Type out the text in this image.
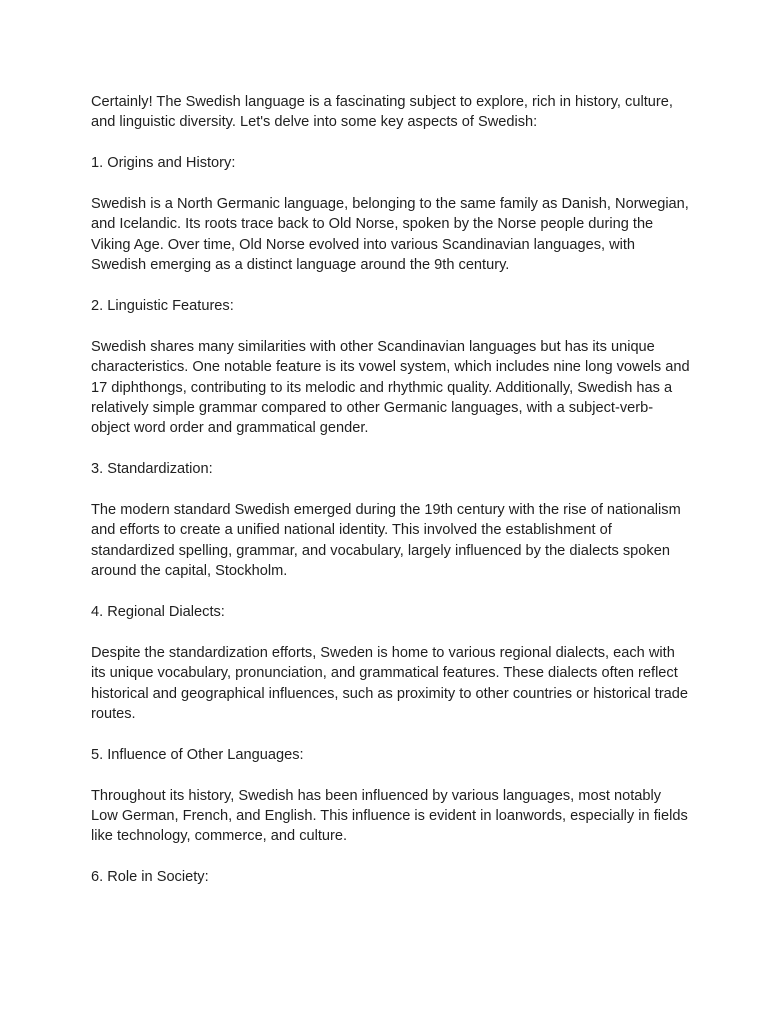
Certainly! The Swedish language is a fascinating subject to explore, rich in history, culture, and linguistic diversity. Let's delve into some key aspects of Swedish:

1. Origins and History:

Swedish is a North Germanic language, belonging to the same family as Danish, Norwegian, and Icelandic. Its roots trace back to Old Norse, spoken by the Norse people during the Viking Age. Over time, Old Norse evolved into various Scandinavian languages, with Swedish emerging as a distinct language around the 9th century.

2. Linguistic Features:

Swedish shares many similarities with other Scandinavian languages but has its unique characteristics. One notable feature is its vowel system, which includes nine long vowels and 17 diphthongs, contributing to its melodic and rhythmic quality. Additionally, Swedish has a relatively simple grammar compared to other Germanic languages, with a subject-verb-object word order and grammatical gender.

3. Standardization:

The modern standard Swedish emerged during the 19th century with the rise of nationalism and efforts to create a unified national identity. This involved the establishment of standardized spelling, grammar, and vocabulary, largely influenced by the dialects spoken around the capital, Stockholm.

4. Regional Dialects:

Despite the standardization efforts, Sweden is home to various regional dialects, each with its unique vocabulary, pronunciation, and grammatical features. These dialects often reflect historical and geographical influences, such as proximity to other countries or historical trade routes.

5. Influence of Other Languages:

Throughout its history, Swedish has been influenced by various languages, most notably Low German, French, and English. This influence is evident in loanwords, especially in fields like technology, commerce, and culture.

6. Role in Society:
